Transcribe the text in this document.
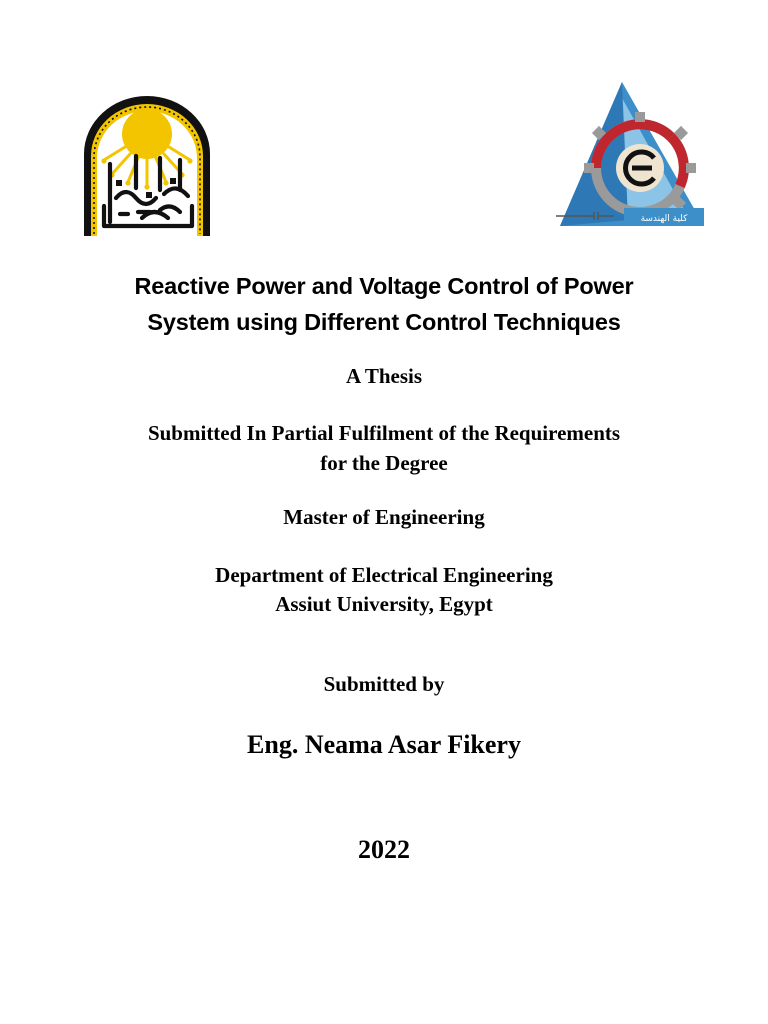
كلية الهندسة
Reactive Power and Voltage Control of Power
System using Different Control Techniques
A Thesis
Submitted In Partial Fulfilment of the Requirements
for the Degree
Master of Engineering
Department of Electrical Engineering
Assiut University, Egypt
Submitted by
Eng. Neama Asar Fikery
2022
